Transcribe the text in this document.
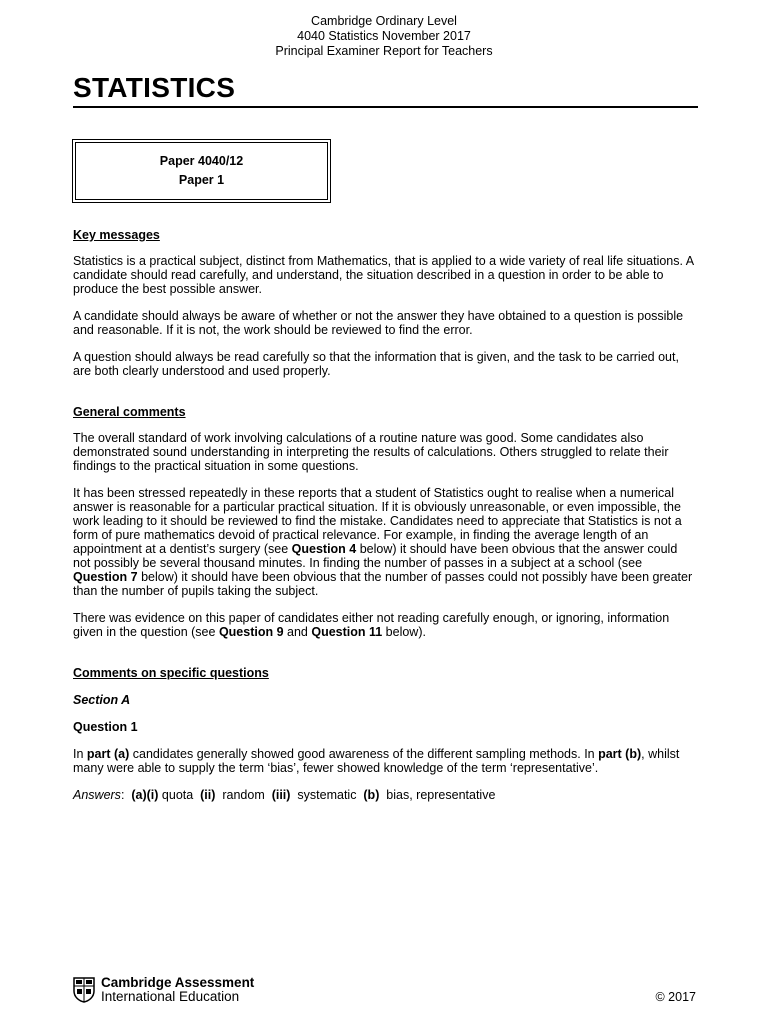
Cambridge Ordinary Level
4040 Statistics November 2017
Principal Examiner Report for Teachers
STATISTICS
Paper 4040/12
Paper 1

Key messages

Statistics is a practical subject, distinct from Mathematics, that is applied to a wide variety of real life situations. A candidate should read carefully, and understand, the situation described in a question in order to be able to produce the best possible answer.

A candidate should always be aware of whether or not the answer they have obtained to a question is possible and reasonable. If it is not, the work should be reviewed to find the error.

A question should always be read carefully so that the information that is given, and the task to be carried out, are both clearly understood and used properly.

General comments

The overall standard of work involving calculations of a routine nature was good. Some candidates also demonstrated sound understanding in interpreting the results of calculations. Others struggled to relate their findings to the practical situation in some questions.

It has been stressed repeatedly in these reports that a student of Statistics ought to realise when a numerical answer is reasonable for a particular practical situation. If it is obviously unreasonable, or even impossible, the work leading to it should be reviewed to find the mistake. Candidates need to appreciate that Statistics is not a form of pure mathematics devoid of practical relevance. For example, in finding the average length of an appointment at a dentist’s surgery (see Question 4 below) it should have been obvious that the answer could not possibly be several thousand minutes. In finding the number of passes in a subject at a school (see Question 7 below) it should have been obvious that the number of passes could not possibly have been greater than the number of pupils taking the subject.

There was evidence on this paper of candidates either not reading carefully enough, or ignoring, information given in the question (see Question 9 and Question 11 below).

Comments on specific questions

Section A

Question 1

In part (a) candidates generally showed good awareness of the different sampling methods. In part (b), whilst many were able to supply the term ‘bias’, fewer showed knowledge of the term ‘representative’.

Answers:  (a)(i) quota  (ii)  random  (iii)  systematic  (b)  bias, representative

Cambridge Assessment
International Education	© 2017
